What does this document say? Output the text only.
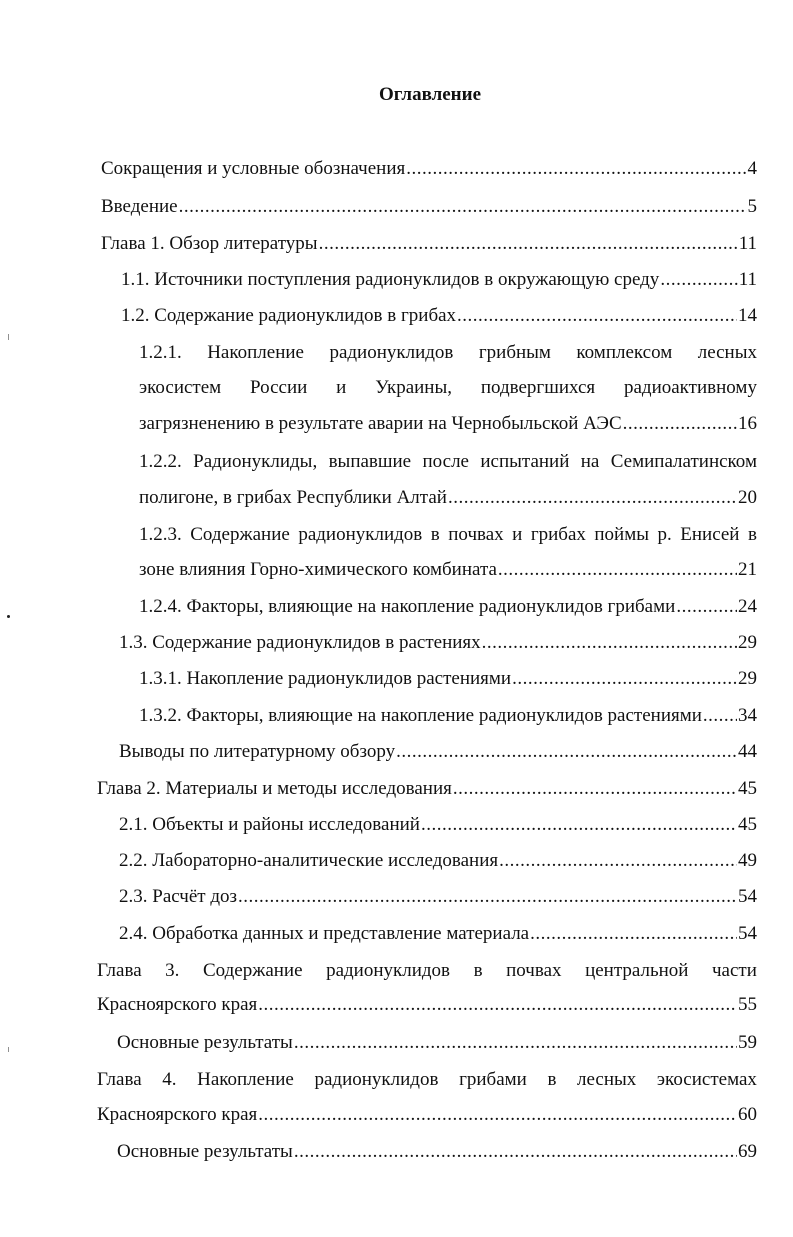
Оглавление
Сокращения и условные обозначения .....	4
Введение .....	5
Глава 1. Обзор литературы .....	11
1.1. Источники поступления радионуклидов в окружающую среду .....	11
1.2. Содержание радионуклидов в грибах .....	14
1.2.1. Накопление радионуклидов грибным комплексом лесных
экосистем России и Украины, подвергшихся радиоактивному
загрязненению в результате аварии на Чернобыльской АЭС .....	16
1.2.2. Радионуклиды, выпавшие после испытаний на Семипалатинском
полигоне, в грибах Республики Алтай .....	20
1.2.3. Содержание радионуклидов в почвах и грибах поймы р. Енисей в
зоне влияния Горно-химического комбината .....	21
1.2.4. Факторы, влияющие на накопление радионуклидов грибами .....	24
1.3. Содержание радионуклидов в растениях .....	29
1.3.1. Накопление радионуклидов растениями .....	29
1.3.2. Факторы, влияющие на накопление радионуклидов растениями ..... 34
Выводы по литературному обзору .....	44
Глава 2. Материалы и методы исследования .....	45
2.1. Объекты и районы исследований .....	45
2.2. Лабораторно-аналитические исследования .....	49
2.3. Расчёт доз .....	54
2.4. Обработка данных и представление материала .....	54
Глава 3. Содержание радионуклидов в почвах центральной части
Красноярского края .....	55
Основные результаты .....	59
Глава 4. Накопление радионуклидов грибами в лесных экосистемах
Красноярского края .....	60
Основные результаты .....	69
